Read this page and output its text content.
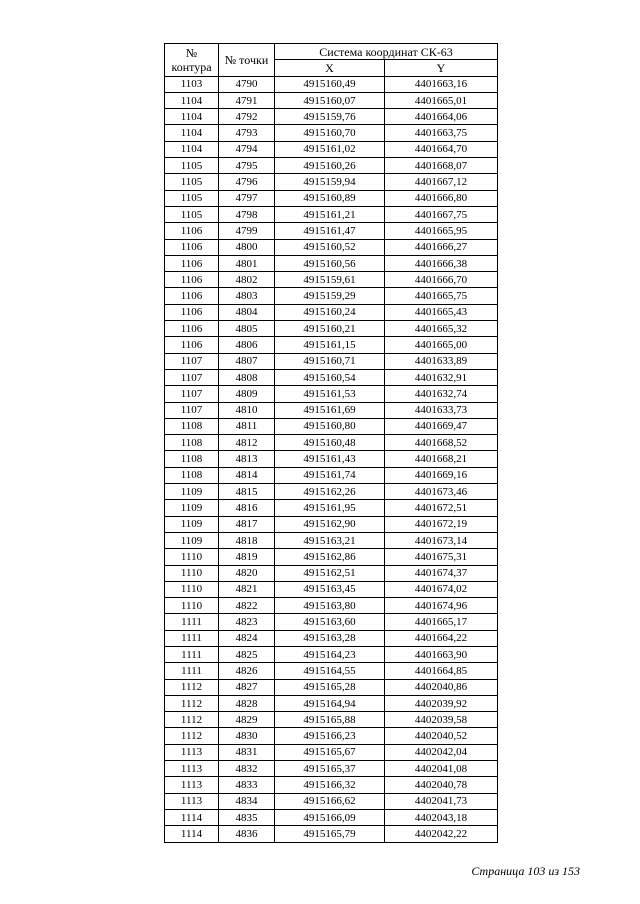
№
контура	№ точки	Система координат СК-63	
		X	Y
1103	4790	4915160,49	4401663,16
1104	4791	4915160,07	4401665,01
1104	4792	4915159,76	4401664,06
1104	4793	4915160,70	4401663,75
1104	4794	4915161,02	4401664,70
1105	4795	4915160,26	4401668,07
1105	4796	4915159,94	4401667,12
1105	4797	4915160,89	4401666,80
1105	4798	4915161,21	4401667,75
1106	4799	4915161,47	4401665,95
1106	4800	4915160,52	4401666,27
1106	4801	4915160,56	4401666,38
1106	4802	4915159,61	4401666,70
1106	4803	4915159,29	4401665,75
1106	4804	4915160,24	4401665,43
1106	4805	4915160,21	4401665,32
1106	4806	4915161,15	4401665,00
1107	4807	4915160,71	4401633,89
1107	4808	4915160,54	4401632,91
1107	4809	4915161,53	4401632,74
1107	4810	4915161,69	4401633,73
1108	4811	4915160,80	4401669,47
1108	4812	4915160,48	4401668,52
1108	4813	4915161,43	4401668,21
1108	4814	4915161,74	4401669,16
1109	4815	4915162,26	4401673,46
1109	4816	4915161,95	4401672,51
1109	4817	4915162,90	4401672,19
1109	4818	4915163,21	4401673,14
1110	4819	4915162,86	4401675,31
1110	4820	4915162,51	4401674,37
1110	4821	4915163,45	4401674,02
1110	4822	4915163,80	4401674,96
1111	4823	4915163,60	4401665,17
1111	4824	4915163,28	4401664,22
1111	4825	4915164,23	4401663,90
1111	4826	4915164,55	4401664,85
1112	4827	4915165,28	4402040,86
1112	4828	4915164,94	4402039,92
1112	4829	4915165,88	4402039,58
1112	4830	4915166,23	4402040,52
1113	4831	4915165,67	4402042,04
1113	4832	4915165,37	4402041,08
1113	4833	4915166,32	4402040,78
1113	4834	4915166,62	4402041,73
1114	4835	4915166,09	4402043,18
1114	4836	4915165,79	4402042,22
Страница 103 из 153
